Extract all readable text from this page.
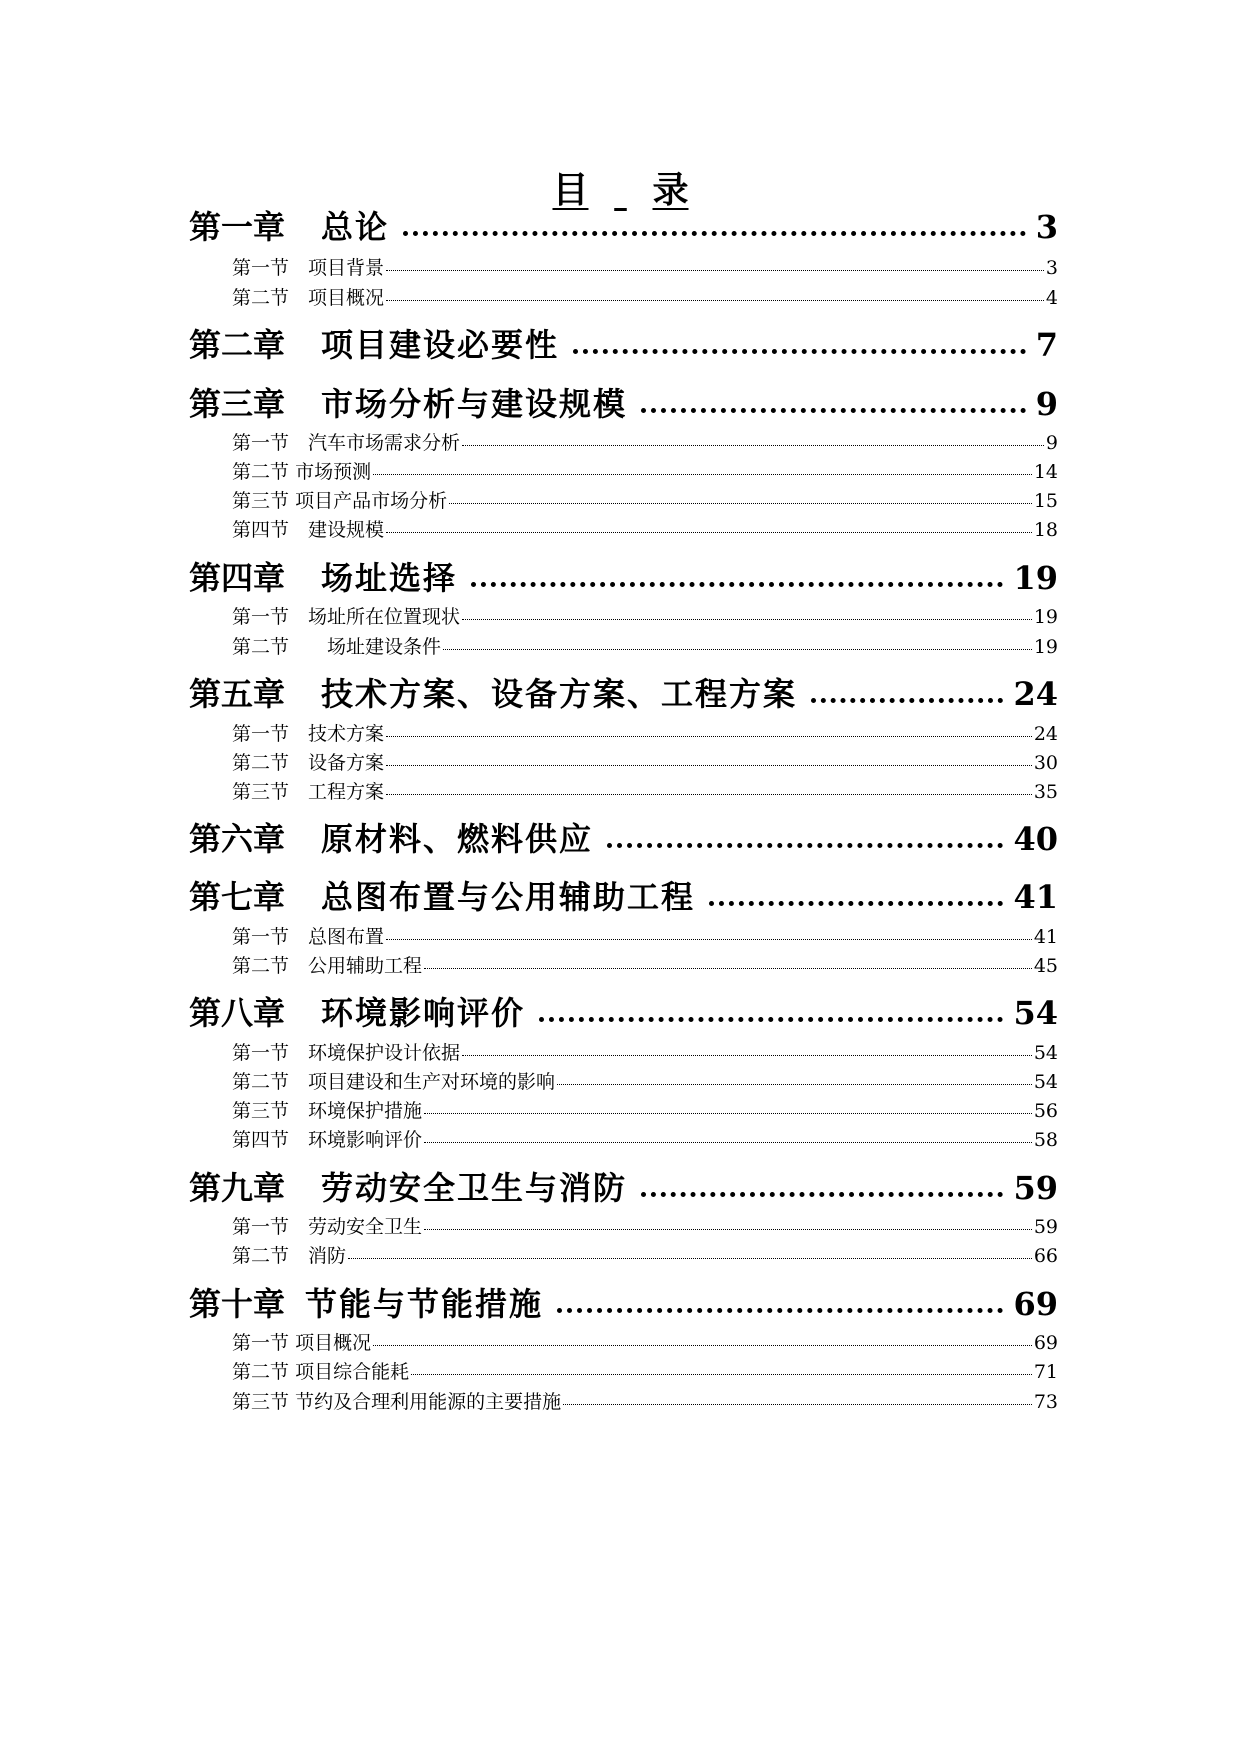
目 录
第一章 总论	3
第一节　 项目背景	3
第二节　 项目概况	4
第二章 项目建设必要性	7
第三章 市场分析与建设规模	9
第一节　 汽车市场需求分析	9
第二节 市场预测	14
第三节 项目产品市场分析	15
第四节　 建设规模	18
第四章 场址选择	19
第一节　 场址所在位置现状	19
第二节　　 场址建设条件	19
第五章 技术方案、设备方案、工程方案	24
第一节　 技术方案	24
第二节　 设备方案	30
第三节　 工程方案	35
第六章 原材料、燃料供应	40
第七章 总图布置与公用辅助工程	41
第一节　 总图布置	41
第二节　 公用辅助工程	45
第八章 环境影响评价	54
第一节　 环境保护设计依据	54
第二节　 项目建设和生产对环境的影响	54
第三节　 环境保护措施	56
第四节　 环境影响评价	58
第九章 劳动安全卫生与消防	59
第一节　 劳动安全卫生	59
第二节　 消防	66
第十章 节能与节能措施	69
第一节 项目概况	69
第二节 项目综合能耗	71
第三节 节约及合理利用能源的主要措施	73
